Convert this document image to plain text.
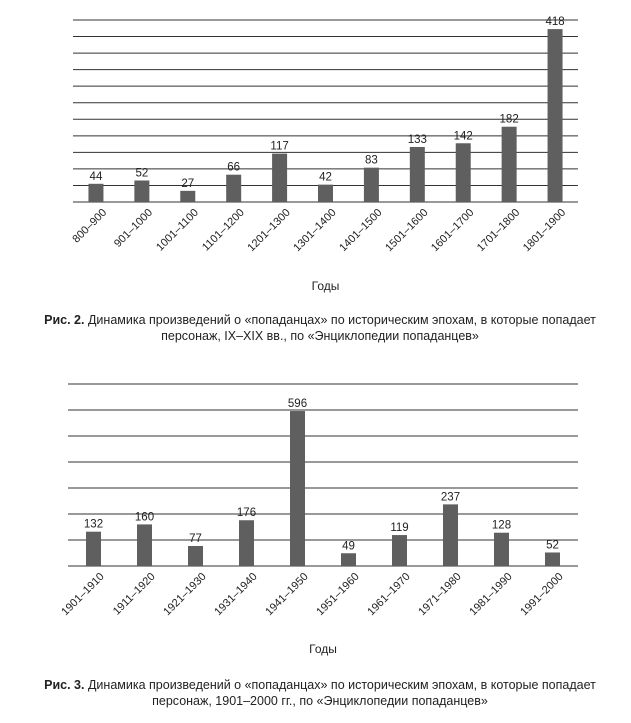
44
800–900
52
901–1000
27
1001–1100
66
1101–1200
117
1201–1300
42
1301–1400
83
1401–1500
133
1501–1600
142
1601–1700
182
1701–1800
418
1801–1900
Годы
Рис. 2. Динамика произведений о «попаданцах» по историческим эпохам, в которые попадает персонаж, IX–XIX вв., по «Энциклопедии попаданцев»
132
1901–1910
160
1911–1920
77
1921–1930
176
1931–1940
596
1941–1950
49
1951–1960
119
1961–1970
237
1971–1980
128
1981–1990
52
1991–2000
Годы
Рис. 3. Динамика произведений о «попаданцах» по историческим эпохам, в которые попадает персонаж, 1901–2000 гг., по «Энциклопедии попаданцев»
